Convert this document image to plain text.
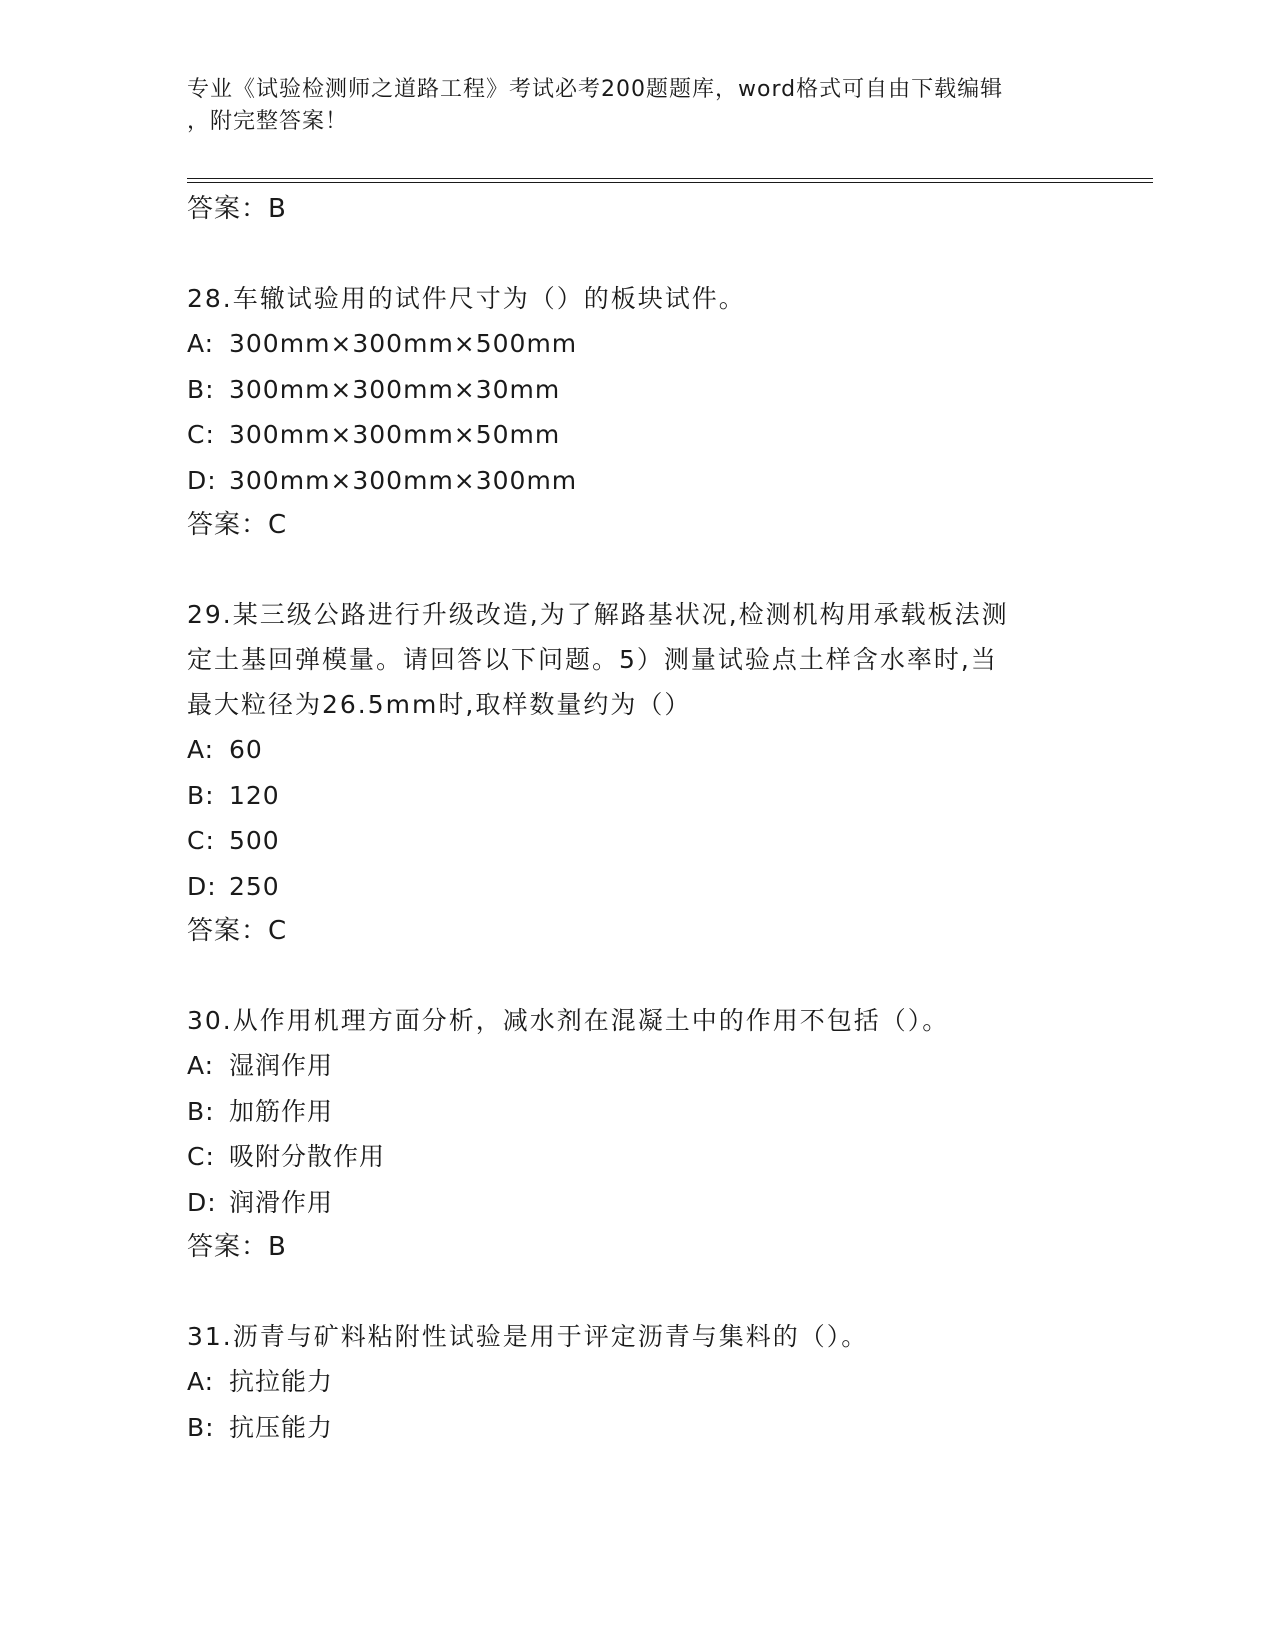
专业《试验检测师之道路工程》考试必考200题题库，word格式可自由下载编辑
，附完整答案！
答案：B
28.车辙试验用的试件尺寸为（）的板块试件。
A: 300mm×300mm×500mm
B: 300mm×300mm×30mm
C: 300mm×300mm×50mm
D: 300mm×300mm×300mm
答案：C
29.某三级公路进行升级改造,为了解路基状况,检测机构用承载板法测
定土基回弹模量。请回答以下问题。5）测量试验点土样含水率时,当
最大粒径为26.5mm时,取样数量约为（）
A: 60
B: 120
C: 500
D: 250
答案：C
30.从作用机理方面分析，减水剂在混凝土中的作用不包括（）。
A: 湿润作用
B: 加筋作用
C: 吸附分散作用
D: 润滑作用
答案：B
31.沥青与矿料粘附性试验是用于评定沥青与集料的（）。
A: 抗拉能力
B: 抗压能力
